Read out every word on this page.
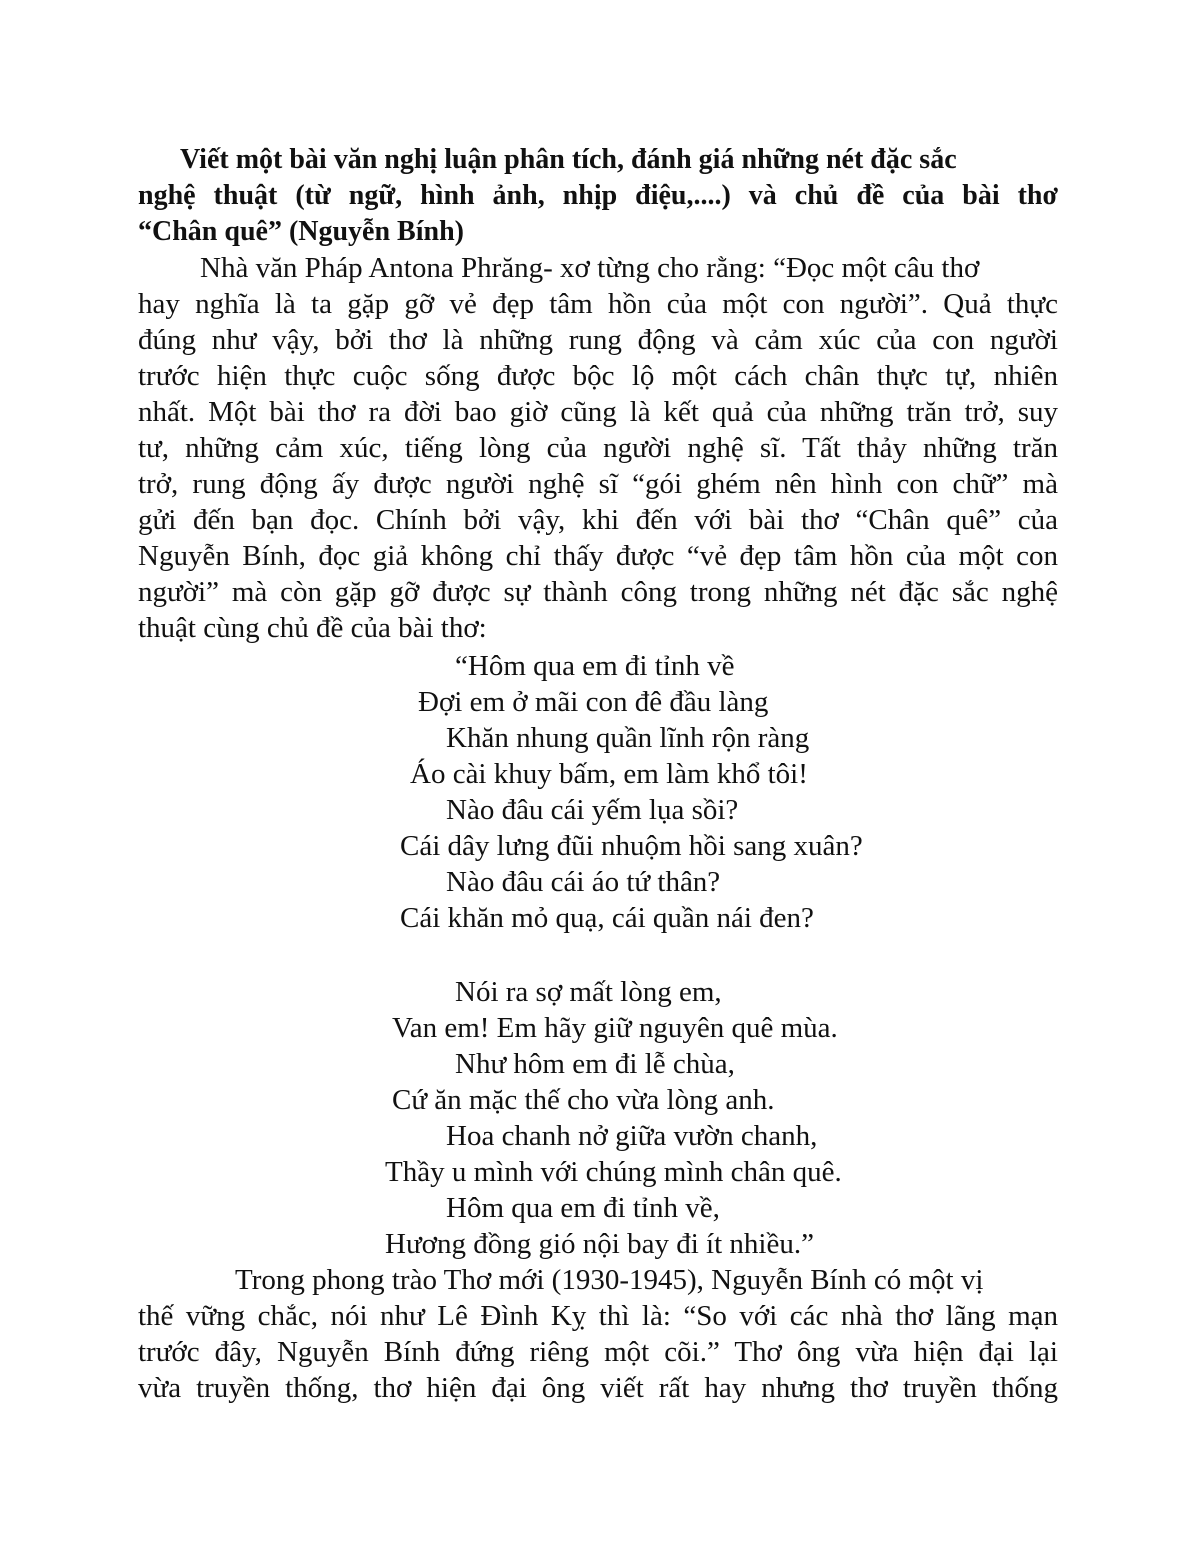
Viết một bài văn nghị luận phân tích, đánh giá những nét đặc sắc
nghệ thuật (từ ngữ, hình ảnh, nhịp điệu,....) và chủ đề của bài thơ
“Chân quê” (Nguyễn Bính)
Nhà văn Pháp Antona Phrăng- xơ từng cho rằng: “Đọc một câu thơ
hay nghĩa là ta gặp gỡ vẻ đẹp tâm hồn của một con người”. Quả thực
đúng như vậy, bởi thơ là những rung động và cảm xúc của con người
trước hiện thực cuộc sống được bộc lộ một cách chân thực tự, nhiên
nhất. Một bài thơ ra đời bao giờ cũng là kết quả của những trăn trở, suy
tư, những cảm xúc, tiếng lòng của người nghệ sĩ. Tất thảy những trăn
trở, rung động ấy được người nghệ sĩ “gói ghém nên hình con chữ” mà
gửi đến bạn đọc. Chính bởi vậy, khi đến với bài thơ “Chân quê” của
Nguyễn Bính, đọc giả không chỉ thấy được “vẻ đẹp tâm hồn của một con
người” mà còn gặp gỡ được sự thành công trong những nét đặc sắc nghệ
thuật cùng chủ đề của bài thơ:
“Hôm qua em đi tỉnh về
Đợi em ở mãi con đê đầu làng
Khăn nhung quần lĩnh rộn ràng
Áo cài khuy bấm, em làm khổ tôi!
Nào đâu cái yếm lụa sồi?
Cái dây lưng đũi nhuộm hồi sang xuân?
Nào đâu cái áo tứ thân?
Cái khăn mỏ quạ, cái quần nái đen?
Nói ra sợ mất lòng em,
Van em! Em hãy giữ nguyên quê mùa.
Như hôm em đi lễ chùa,
Cứ ăn mặc thế cho vừa lòng anh.
Hoa chanh nở giữa vườn chanh,
Thầy u mình với chúng mình chân quê.
Hôm qua em đi tỉnh về,
Hương đồng gió nội bay đi ít nhiều.”
Trong phong trào Thơ mới (1930-1945), Nguyễn Bính có một vị
thế vững chắc, nói như Lê Đình Kỵ thì là: “So với các nhà thơ lãng mạn
trước đây, Nguyễn Bính đứng riêng một cõi.” Thơ ông vừa hiện đại lại
vừa truyền thống, thơ hiện đại ông viết rất hay nhưng thơ truyền thống
